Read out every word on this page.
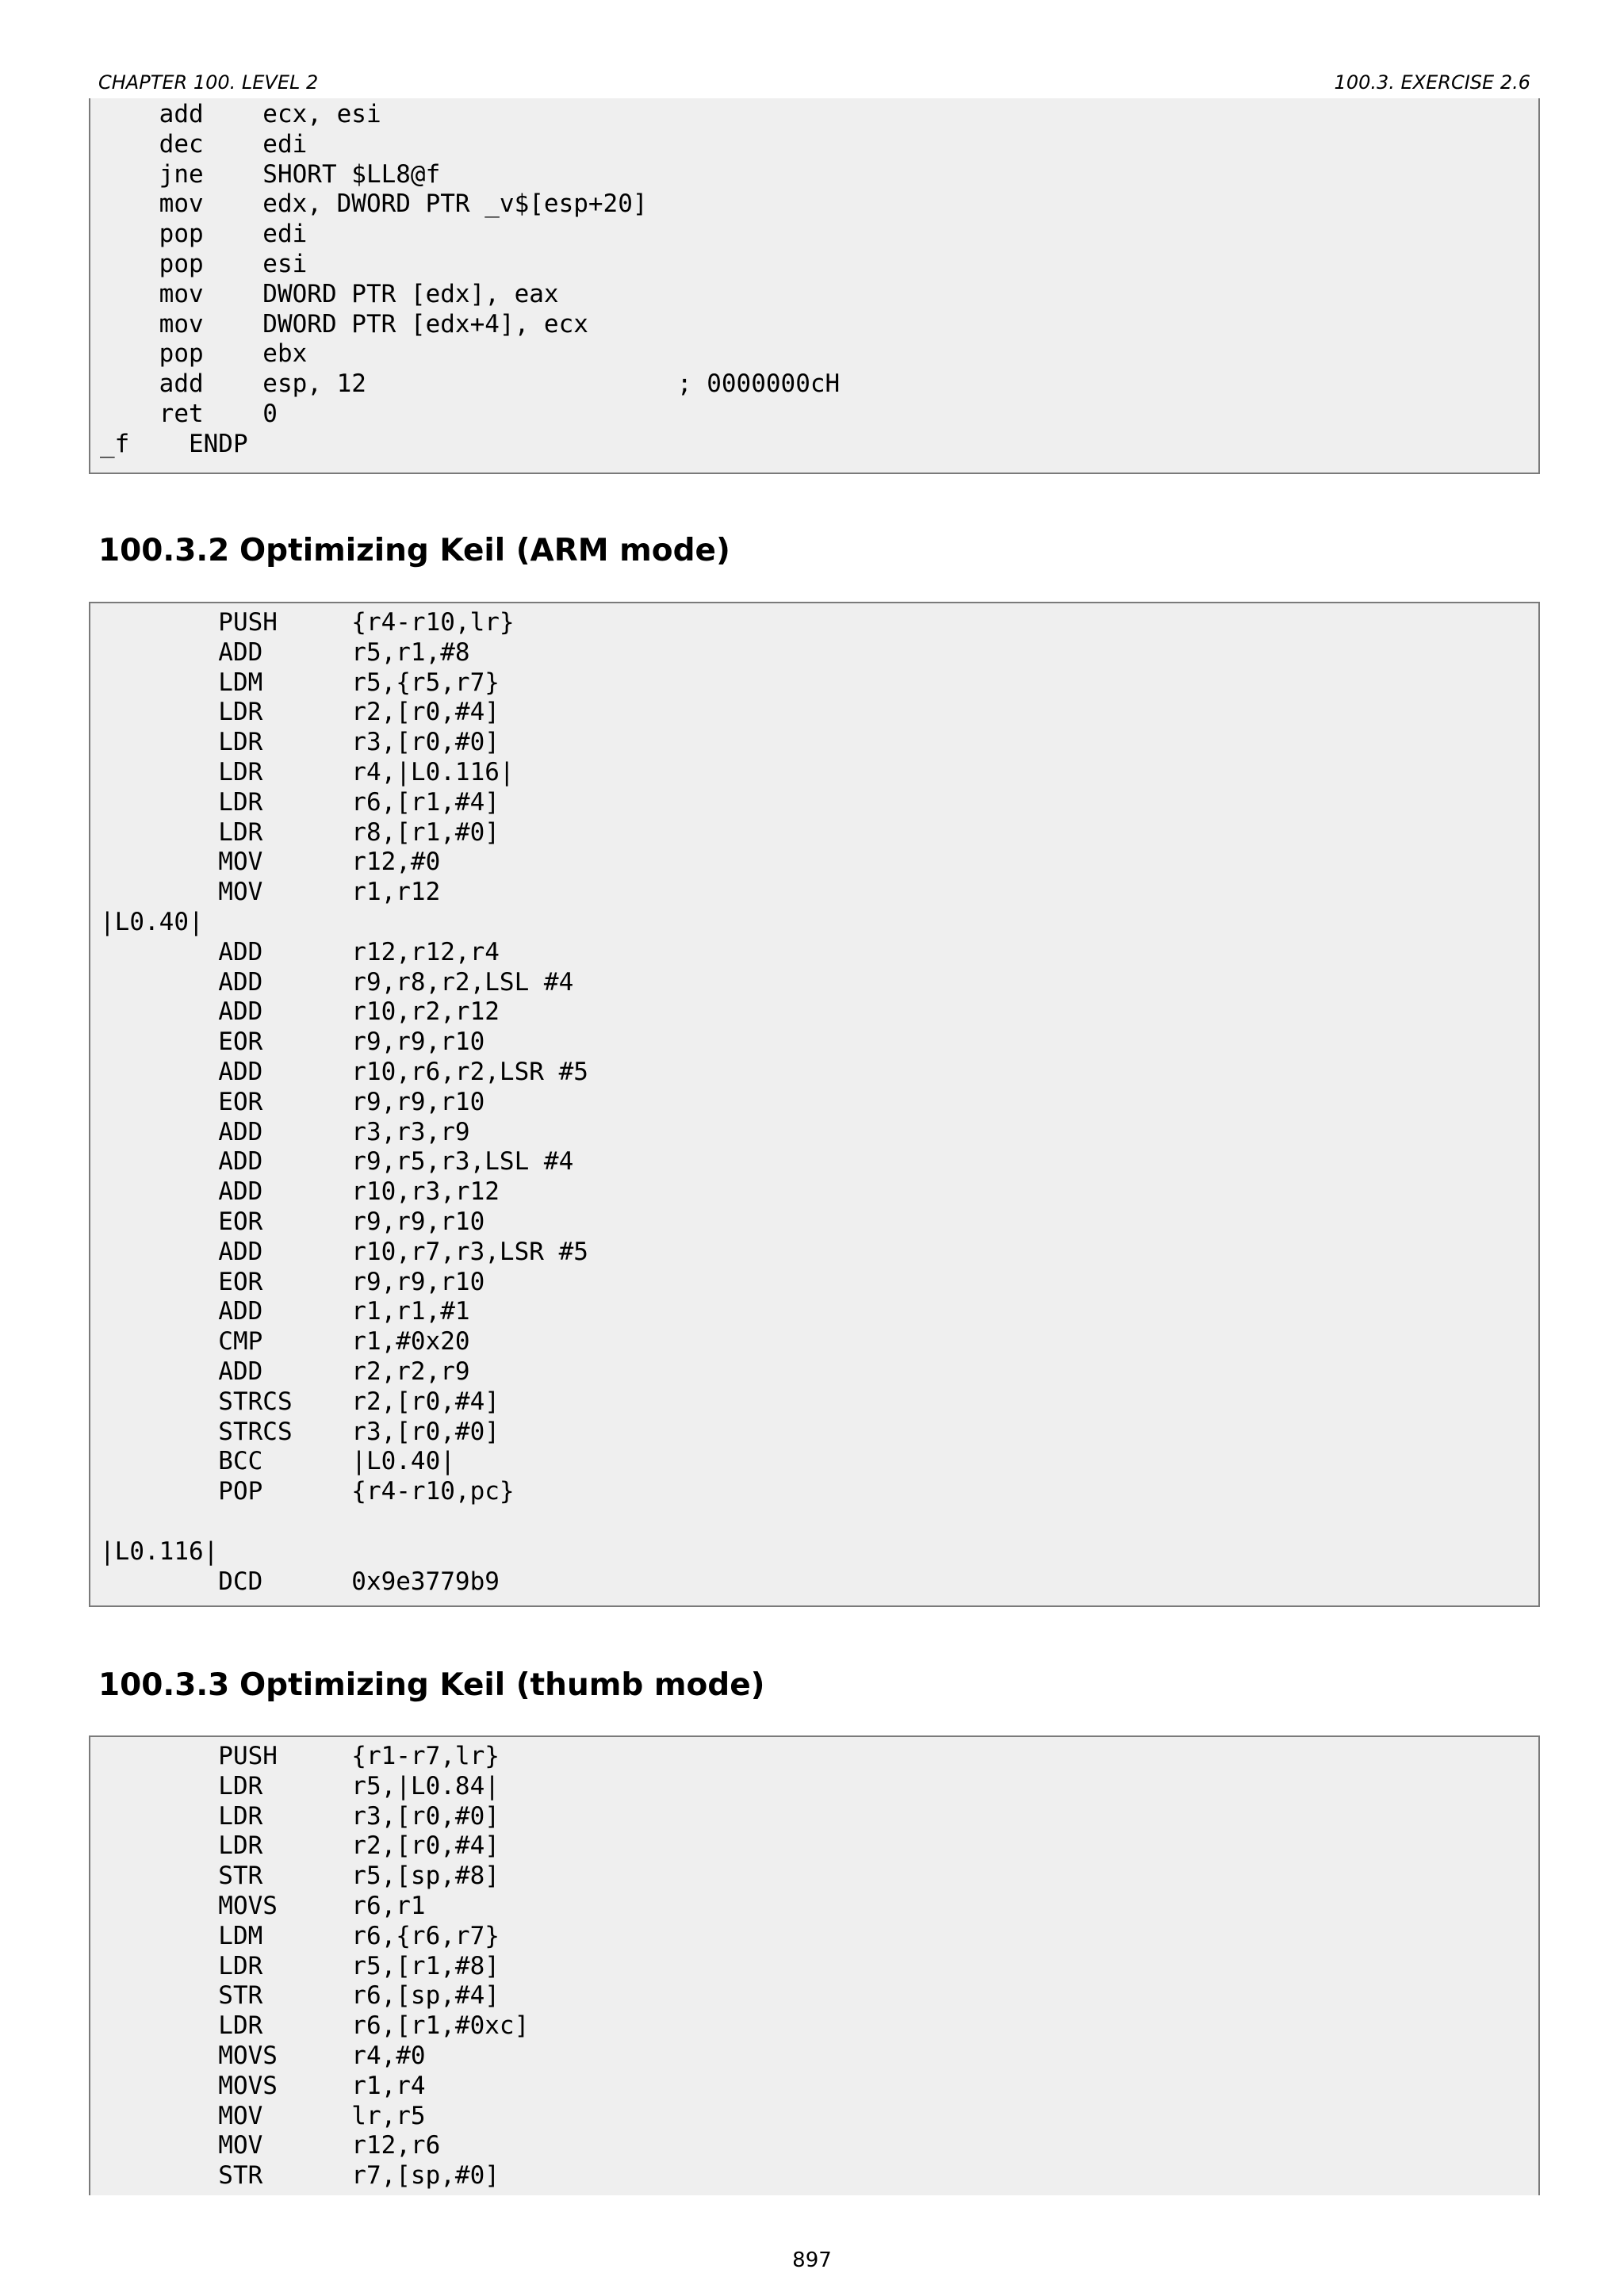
CHAPTER 100. LEVEL 2	100.3. EXERCISE 2.6
add    ecx, esi
dec    edi
jne    SHORT $LL8@f
mov    edx, DWORD PTR _v$[esp+20]
pop    edi
pop    esi
mov    DWORD PTR [edx], eax
mov    DWORD PTR [edx+4], ecx
pop    ebx
add    esp, 12                     ; 0000000cH
ret    0
_f    ENDP
100.3.2 Optimizing Keil (ARM mode)
PUSH     {r4-r10,lr}
ADD      r5,r1,#8
LDM      r5,{r5,r7}
LDR      r2,[r0,#4]
LDR      r3,[r0,#0]
LDR      r4,|L0.116|
LDR      r6,[r1,#4]
LDR      r8,[r1,#0]
MOV      r12,#0
MOV      r1,r12
|L0.40|
ADD      r12,r12,r4
ADD      r9,r8,r2,LSL #4
ADD      r10,r2,r12
EOR      r9,r9,r10
ADD      r10,r6,r2,LSR #5
EOR      r9,r9,r10
ADD      r3,r3,r9
ADD      r9,r5,r3,LSL #4
ADD      r10,r3,r12
EOR      r9,r9,r10
ADD      r10,r7,r3,LSR #5
EOR      r9,r9,r10
ADD      r1,r1,#1
CMP      r1,#0x20
ADD      r2,r2,r9
STRCS    r2,[r0,#4]
STRCS    r3,[r0,#0]
BCC      |L0.40|
POP      {r4-r10,pc}

|L0.116|
DCD      0x9e3779b9
100.3.3 Optimizing Keil (thumb mode)
PUSH     {r1-r7,lr}
LDR      r5,|L0.84|
LDR      r3,[r0,#0]
LDR      r2,[r0,#4]
STR      r5,[sp,#8]
MOVS     r6,r1
LDM      r6,{r6,r7}
LDR      r5,[r1,#8]
STR      r6,[sp,#4]
LDR      r6,[r1,#0xc]
MOVS     r4,#0
MOVS     r1,r4
MOV      lr,r5
MOV      r12,r6
STR      r7,[sp,#0]
897
